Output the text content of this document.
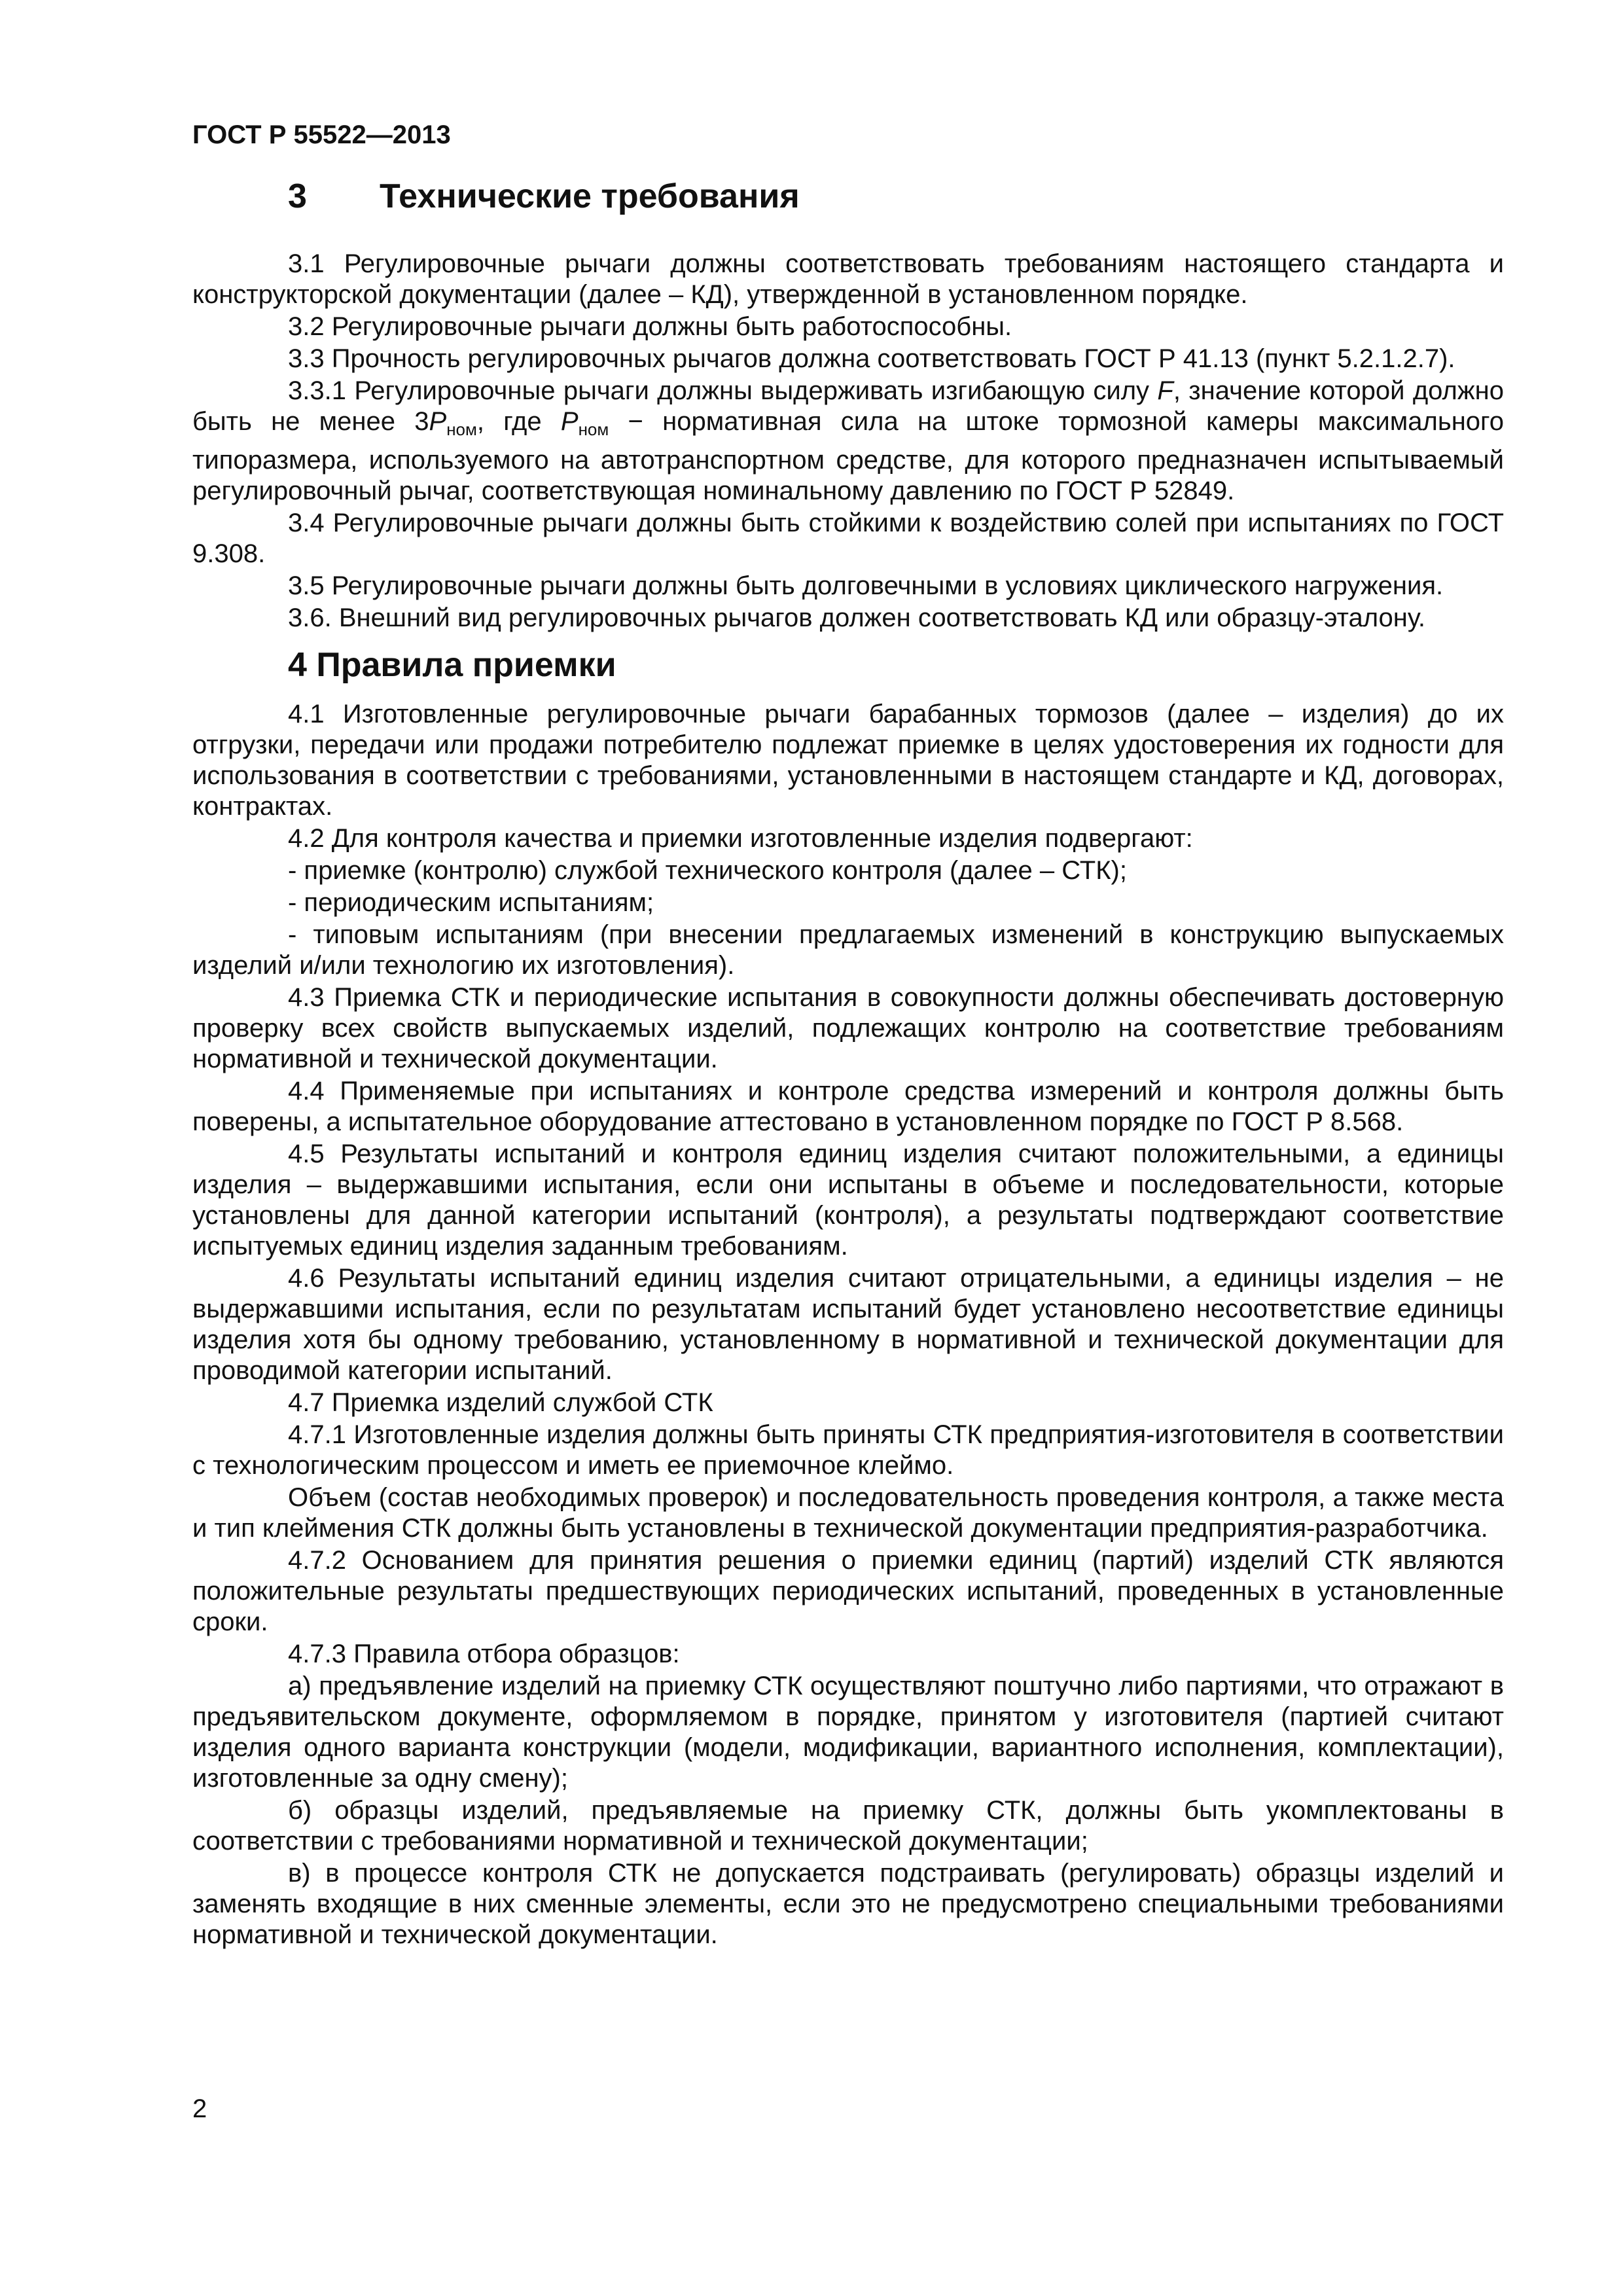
ГОСТ Р 55522—2013
3 Технические требования
3.1 Регулировочные рычаги должны соответствовать требованиям настоящего стандарта и конструкторской документации (далее – КД), утвержденной в установленном порядке.
3.2 Регулировочные рычаги должны быть работоспособны.
3.3 Прочность регулировочных рычагов должна соответствовать ГОСТ Р 41.13 (пункт 5.2.1.2.7).
3.3.1 Регулировочные рычаги должны выдерживать изгибающую силу F, значение которой должно быть не менее $3P_{ном}$, где $P_{ном}$ − нормативная сила на штоке тормозной камеры максимального типоразмера, используемого на автотранспортном средстве, для которого предназначен испытываемый регулировочный рычаг, соответствующая номинальному давлению по ГОСТ Р 52849.
3.4 Регулировочные рычаги должны быть стойкими к воздействию солей при испытаниях по ГОСТ 9.308.
3.5 Регулировочные рычаги должны быть долговечными в условиях циклического нагружения.
3.6. Внешний вид регулировочных рычагов должен соответствовать КД или образцу-эталону.
4 Правила приемки
4.1 Изготовленные регулировочные рычаги барабанных тормозов (далее – изделия) до их отгрузки, передачи или продажи потребителю подлежат приемке в целях удостоверения их годности для использования в соответствии с требованиями, установленными в настоящем стандарте и КД, договорах, контрактах.
4.2 Для контроля качества и приемки изготовленные изделия подвергают:
- приемке (контролю) службой технического контроля (далее – СТК);
- периодическим испытаниям;
- типовым испытаниям (при внесении предлагаемых изменений в конструкцию выпускаемых изделий и/или технологию их изготовления).
4.3 Приемка СТК и периодические испытания в совокупности должны обеспечивать достоверную проверку всех свойств выпускаемых изделий, подлежащих контролю на соответствие требованиям нормативной и технической документации.
4.4 Применяемые при испытаниях и контроле средства измерений и контроля должны быть поверены, а испытательное оборудование аттестовано в установленном порядке по ГОСТ Р 8.568.
4.5 Результаты испытаний и контроля единиц изделия считают положительными, а единицы изделия – выдержавшими испытания, если они испытаны в объеме и последовательности, которые установлены для данной категории испытаний (контроля), а результаты подтверждают соответствие испытуемых единиц изделия заданным требованиям.
4.6 Результаты испытаний единиц изделия считают отрицательными, а единицы изделия – не выдержавшими испытания, если по результатам испытаний будет установлено несоответствие единицы изделия хотя бы одному требованию, установленному в нормативной и технической документации для проводимой категории испытаний.
4.7 Приемка изделий службой СТК
4.7.1 Изготовленные изделия должны быть приняты СТК предприятия-изготовителя в соответствии с технологическим процессом и иметь ее приемочное клеймо.
Объем (состав необходимых проверок) и последовательность проведения контроля, а также места и тип клеймения СТК должны быть установлены в технической документации предприятия-разработчика.
4.7.2 Основанием для принятия решения о приемки единиц (партий) изделий СТК являются положительные результаты предшествующих периодических испытаний, проведенных в установленные сроки.
4.7.3 Правила отбора образцов:
а) предъявление изделий на приемку СТК осуществляют поштучно либо партиями, что отражают в предъявительском документе, оформляемом в порядке, принятом у изготовителя (партией считают изделия одного варианта конструкции (модели, модификации, вариантного исполнения, комплектации), изготовленные за одну смену);
б) образцы изделий, предъявляемые на приемку СТК, должны быть укомплектованы в соответствии с требованиями нормативной и технической документации;
в) в процессе контроля СТК не допускается подстраивать (регулировать) образцы изделий и заменять входящие в них сменные элементы, если это не предусмотрено специальными требованиями нормативной и технической документации.
2
